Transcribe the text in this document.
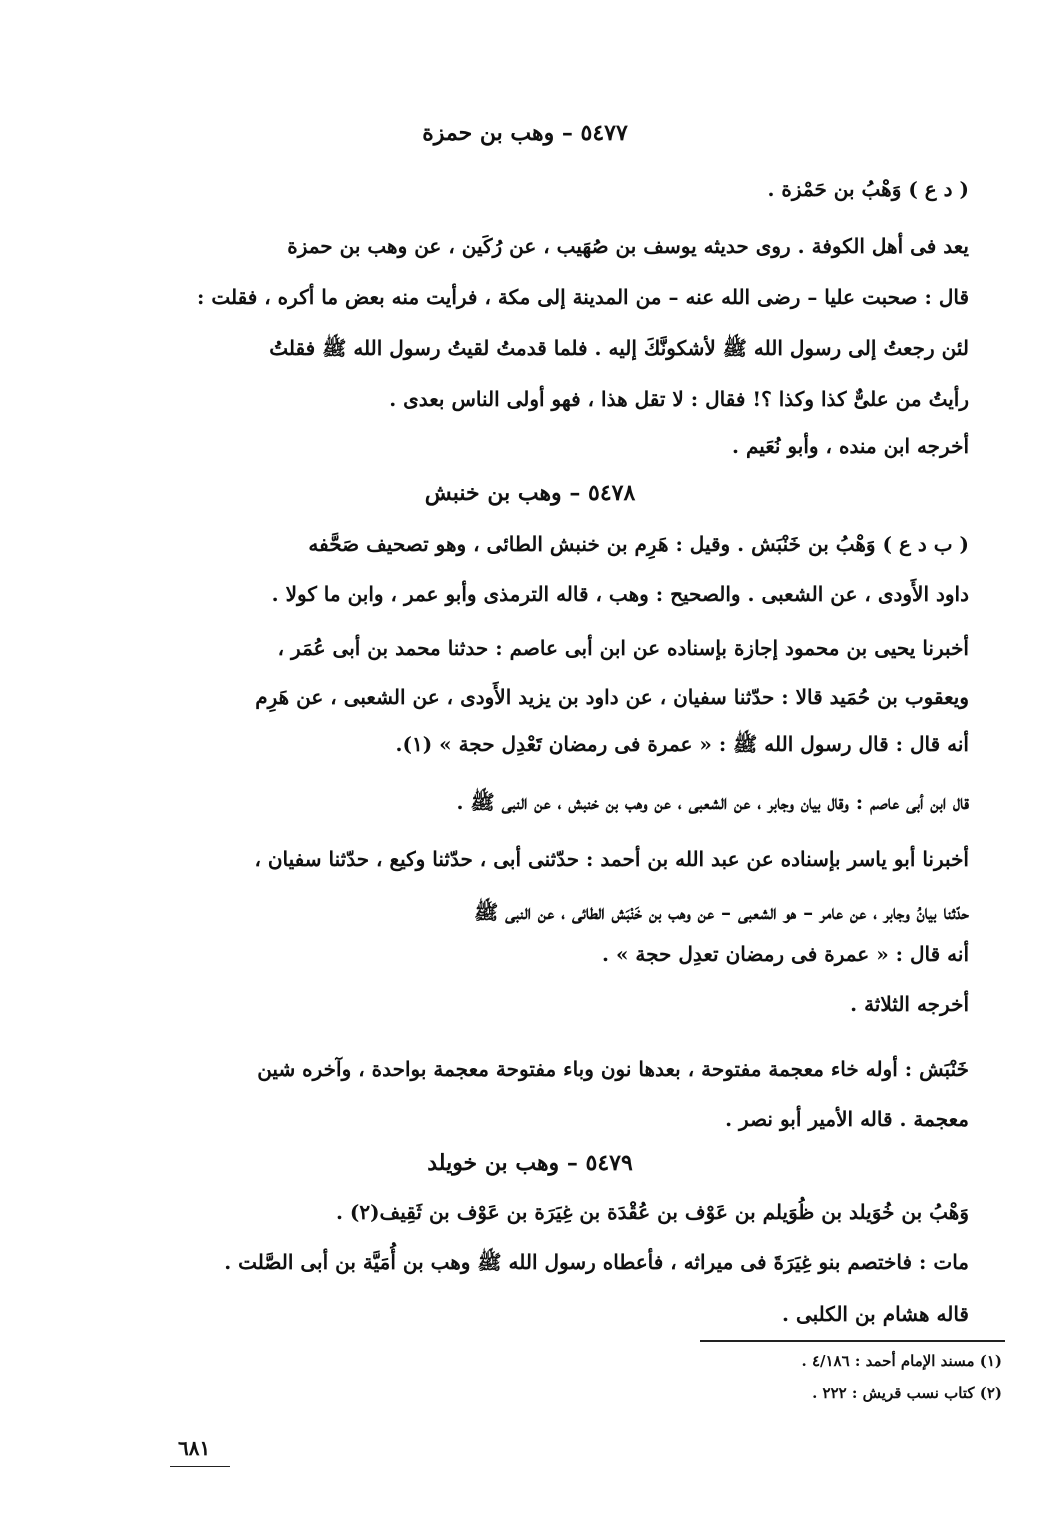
٥٤٧٧ – وهب بن حمزة
( د ع ) وَهْبُ بن حَمْزة .
يعد فى أهل الكوفة . روى حديثه يوسف بن صُهَيب ، عن رُكَين ، عن وهب بن حمزة
قال : صحبت عليا – رضى الله عنه – من المدينة إلى مكة ، فرأيت منه بعض ما أكره ، فقلت :
لئن رجعتُ إلى رسول الله ﷺ لأشكونَّكَ إليه . فلما قدمتُ لقيتُ رسول الله ﷺ فقلتُ
رأيتُ من علىٌّ كذا وكذا ؟! فقال : لا تقل هذا ، فهو أولى الناس بعدى .
أخرجه ابن منده ، وأبو نُعَيم .
٥٤٧٨ – وهب بن خنبش
( ب د ع ) وَهْبُ بن خَنْبَش . وقيل : هَرِم بن خنبش الطائى ، وهو تصحيف صَحَّفه
داود الأَودى ، عن الشعبى . والصحيح : وهب ، قاله الترمذى وأبو عمر ، وابن ما كولا .
أخبرنا يحيى بن محمود إجازة بإسناده عن ابن أبى عاصم : حدثنا محمد بن أبى عُمَر ،
ويعقوب بن حُمَيد قالا : حدّثنا سفيان ، عن داود بن يزيد الأَودى ، عن الشعبى ، عن هَرِم
أنه قال : قال رسول الله ﷺ : « عمرة فى رمضان تَعْدِل حجة » (١).
قال ابن أبى عاصم : وقال بيان وجابر ، عن الشعبى ، عن وهب بن خنبش ، عن النبى ﷺ .
أخبرنا أبو ياسر بإسناده عن عبد الله بن أحمد : حدّثنى أبى ، حدّثنا وكيع ، حدّثنا سفيان ،
حدّثنا بيانُ وجابر ، عن عامر – هو الشعبى – عن وهب بن خَنْبَش الطائى ، عن النبى ﷺ
أنه قال : « عمرة فى رمضان تعدِل حجة » .
أخرجه الثلاثة .
خَنْبَش : أوله خاء معجمة مفتوحة ، بعدها نون وباء مفتوحة معجمة بواحدة ، وآخره شين
معجمة . قاله الأمير أبو نصر .
٥٤٧٩ – وهب بن خويلد
وَهْبُ بن خُوَيلد بن ظُوَيلم بن عَوْف بن عُقْدَة بن غِيَرَة بن عَوْف بن ثَقِيف(٢) .
مات : فاختصم بنو غِيَرَةَ فى ميراثه ، فأعطاه رسول الله ﷺ وهب بن أُمَيَّة بن أبى الصَّلت .
قاله هشام بن الكلبى .
(١) مسند الإمام أحمد : ٤/١٨٦ .
(٢) كتاب نسب قريش : ٢٢٢ .
٦٨١
